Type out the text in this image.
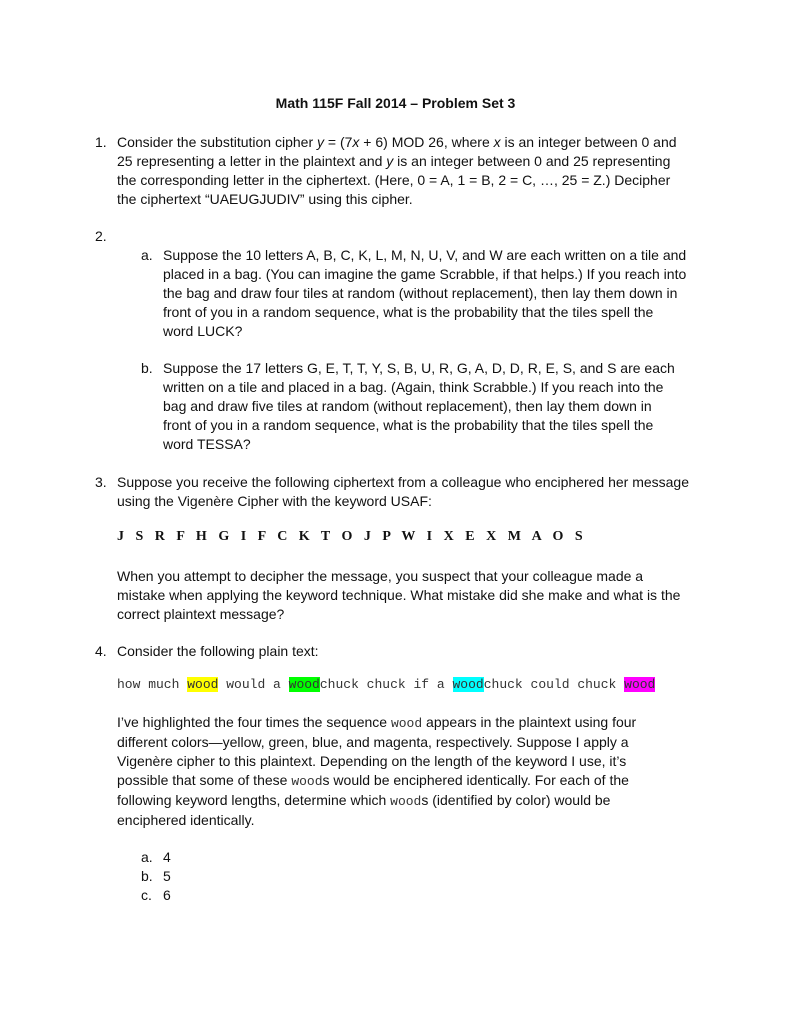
Math 115F Fall 2014 – Problem Set 3
1. Consider the substitution cipher y = (7x + 6) MOD 26, where x is an integer between 0 and

25 representing a letter in the plaintext and y is an integer between 0 and 25 representing

the corresponding letter in the ciphertext. (Here, 0 = A, 1 = B, 2 = C, …, 25 = Z.) Decipher

the ciphertext “UAEUGJUDIV” using this cipher.

2.
a. Suppose the 10 letters A, B, C, K, L, M, N, U, V, and W are each written on a tile and

placed in a bag. (You can imagine the game Scrabble, if that helps.) If you reach into

the bag and draw four tiles at random (without replacement), then lay them down in

front of you in a random sequence, what is the probability that the tiles spell the

word LUCK?

b. Suppose the 17 letters G, E, T, T, Y, S, B, U, R, G, A, D, D, R, E, S, and S are each

written on a tile and placed in a bag. (Again, think Scrabble.) If you reach into the

bag and draw five tiles at random (without replacement), then lay them down in

front of you in a random sequence, what is the probability that the tiles spell the

word TESSA?

3. Suppose you receive the following ciphertext from a colleague who enciphered her message

using the Vigenère Cipher with the keyword USAF:

J S R F H G I F C K T O J P W I X E X M A O S

When you attempt to decipher the message, you suspect that your colleague made a

mistake when applying the keyword technique. What mistake did she make and what is the

correct plaintext message?

4. Consider the following plain text:
how much wood would a woodchuck chuck if a woodchuck could chuck wood

I’ve highlighted the four times the sequence wood appears in the plaintext using four

different colors—yellow, green, blue, and magenta, respectively. Suppose I apply a

Vigenère cipher to this plaintext. Depending on the length of the keyword I use, it’s

possible that some of these woods would be enciphered identically. For each of the

following keyword lengths, determine which woods (identified by color) would be

enciphered identically.

a. 4
b. 5
c. 6
